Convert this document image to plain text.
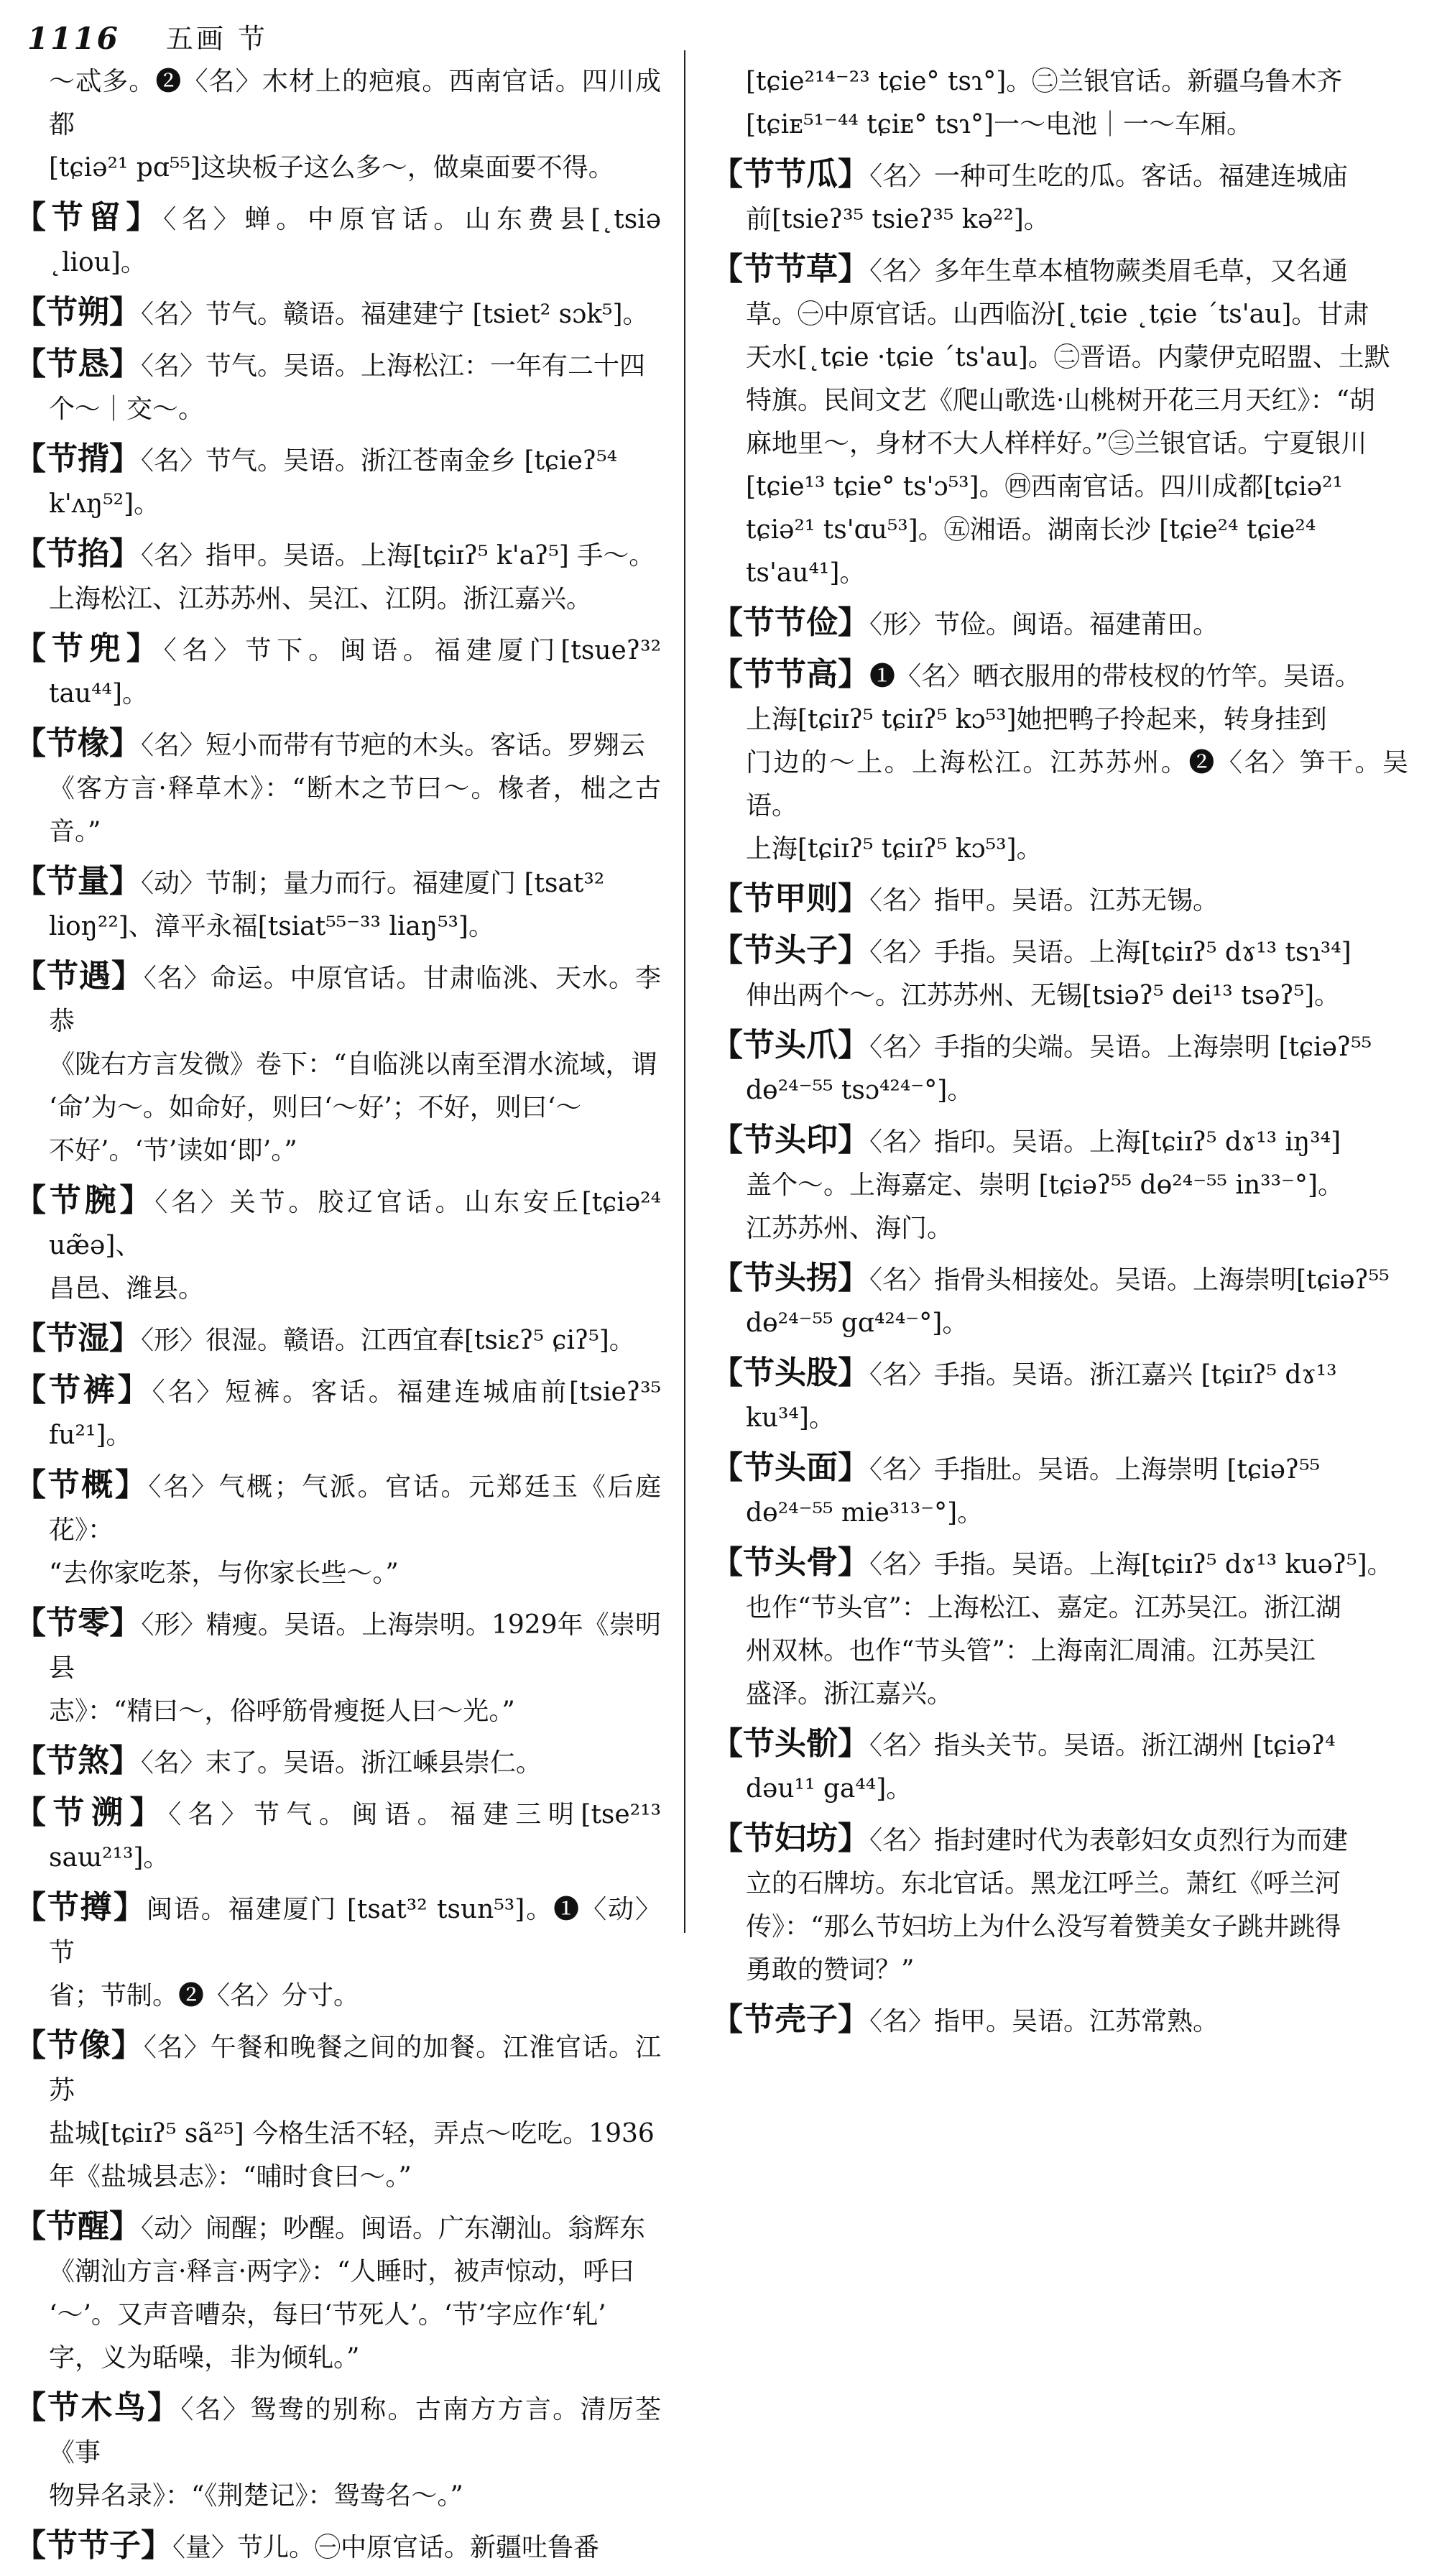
1116 五画 节
～忒多。❷〈名〉木材上的疤痕。西南官话。四川成都
[tɕiə²¹ pɑ⁵⁵]这块板子这么多～，做桌面要不得。
【节留】〈名〉蝉。中原官话。山东费县[˛tsiə ˛liou]。
【节朔】〈名〉节气。赣语。福建建宁 [tsiet² sɔk⁵]。
【节恳】〈名〉节气。吴语。上海松江：一年有二十四
个～｜交～。
【节揹】〈名〉节气。吴语。浙江苍南金乡 [tɕieʔ⁵⁴
k'ʌŋ⁵²]。
【节掐】〈名〉指甲。吴语。上海[tɕiɪʔ⁵ k'aʔ⁵] 手～。
上海松江、江苏苏州、吴江、江阴。浙江嘉兴。
【节兜】〈名〉节下。闽语。福建厦门[tsueʔ³² tau⁴⁴]。
【节椽】〈名〉短小而带有节疤的木头。客话。罗翙云
《客方言·释草木》：“断木之节曰～。椽者，柮之古音。”
【节量】〈动〉节制；量力而行。福建厦门 [tsat³²
lioŋ²²]、漳平永福[tsiat⁵⁵⁻³³ liaŋ⁵³]。
【节遇】〈名〉命运。中原官话。甘肃临洮、天水。李恭
《陇右方言发微》卷下：“自临洮以南至渭水流域，谓
‘命’为～。如命好，则曰‘～好’；不好，则曰‘～
不好’。‘节’读如‘即’。”
【节腕】〈名〉关节。胶辽官话。山东安丘[tɕiə²⁴ uæ̃ə]、
昌邑、潍县。
【节湿】〈形〉很湿。赣语。江西宜春[tsiɛʔ⁵ ɕiʔ⁵]。
【节裤】〈名〉短裤。客话。福建连城庙前[tsieʔ³⁵ fu²¹]。
【节概】〈名〉气概；气派。官话。元郑廷玉《后庭花》：
“去你家吃茶，与你家长些～。”
【节零】〈形〉精瘦。吴语。上海崇明。1929年《崇明县
志》：“精曰～，俗呼筋骨瘦挺人曰～光。”
【节煞】〈名〉末了。吴语。浙江嵊县崇仁。
【节溯】〈名〉节气。闽语。福建三明[tse²¹³ saɯ²¹³]。
【节撙】闽语。福建厦门 [tsat³² tsun⁵³]。❶〈动〉节
省；节制。❷〈名〉分寸。
【节像】〈名〉午餐和晚餐之间的加餐。江淮官话。江苏
盐城[tɕiɪʔ⁵ sã²⁵] 今格生活不轻，弄点～吃吃。1936
年《盐城县志》：“晡时食曰～。”
【节醒】〈动〉闹醒；吵醒。闽语。广东潮汕。翁辉东
《潮汕方言·释言·两字》：“人睡时，被声惊动，呼曰
‘～’。又声音嘈杂，每曰‘节死人’。‘节’字应作‘轧’
字，义为聒噪，非为倾轧。”
【节木鸟】〈名〉鸳鸯的别称。古南方方言。清厉荃《事
物异名录》：“《荆楚记》：鸳鸯名～。”
【节节子】〈量〉节儿。㊀中原官话。新疆吐鲁番
[tɕie²¹⁴⁻²³ tɕie° tsɿ°]。㊁兰银官话。新疆乌鲁木齐
[tɕiᴇ⁵¹⁻⁴⁴ tɕiᴇ° tsɿ°]一～电池｜一～车厢。
【节节瓜】〈名〉一种可生吃的瓜。客话。福建连城庙
前[tsieʔ³⁵ tsieʔ³⁵ kə²²]。
【节节草】〈名〉多年生草本植物蕨类眉毛草，又名通
草。㊀中原官话。山西临汾[˛tɕie ˛tɕie ˊts'au]。甘肃
天水[˛tɕie ·tɕie ˊts'au]。㊁晋语。内蒙伊克昭盟、土默
特旗。民间文艺《爬山歌选·山桃树开花三月天红》：“胡
麻地里～，身材不大人样样好。”㊂兰银官话。宁夏银川
[tɕie¹³ tɕie° ts'ɔ⁵³]。㊃西南官话。四川成都[tɕiə²¹
tɕiə²¹ ts'ɑu⁵³]。㊄湘语。湖南长沙 [tɕie²⁴ tɕie²⁴
ts'au⁴¹]。
【节节俭】〈形〉节俭。闽语。福建莆田。
【节节高】❶〈名〉晒衣服用的带枝杈的竹竿。吴语。
上海[tɕiɪʔ⁵ tɕiɪʔ⁵ kɔ⁵³]她把鸭子拎起来，转身挂到
门边的～上。上海松江。江苏苏州。❷〈名〉笋干。吴语。
上海[tɕiɪʔ⁵ tɕiɪʔ⁵ kɔ⁵³]。
【节甲则】〈名〉指甲。吴语。江苏无锡。
【节头子】〈名〉手指。吴语。上海[tɕiɪʔ⁵ dɤ¹³ tsɿ³⁴]
伸出两个～。江苏苏州、无锡[tsiəʔ⁵ dei¹³ tsəʔ⁵]。
【节头爪】〈名〉手指的尖端。吴语。上海崇明 [tɕiəʔ⁵⁵
dɵ²⁴⁻⁵⁵ tsɔ⁴²⁴⁻°]。
【节头印】〈名〉指印。吴语。上海[tɕiɪʔ⁵ dɤ¹³ iŋ³⁴]
盖个～。上海嘉定、崇明 [tɕiəʔ⁵⁵ dɵ²⁴⁻⁵⁵ in³³⁻°]。
江苏苏州、海门。
【节头拐】〈名〉指骨头相接处。吴语。上海崇明[tɕiəʔ⁵⁵
dɵ²⁴⁻⁵⁵ gɑ⁴²⁴⁻°]。
【节头股】〈名〉手指。吴语。浙江嘉兴 [tɕiɪʔ⁵ dɤ¹³
ku³⁴]。
【节头面】〈名〉手指肚。吴语。上海崇明 [tɕiəʔ⁵⁵
dɵ²⁴⁻⁵⁵ mie³¹³⁻°]。
【节头骨】〈名〉手指。吴语。上海[tɕiɪʔ⁵ dɤ¹³ kuəʔ⁵]。
也作“节头官”：上海松江、嘉定。江苏吴江。浙江湖
州双林。也作“节头管”：上海南汇周浦。江苏吴江
盛泽。浙江嘉兴。
【节头骱】〈名〉指头关节。吴语。浙江湖州 [tɕiəʔ⁴
dəu¹¹ ga⁴⁴]。
【节妇坊】〈名〉指封建时代为表彰妇女贞烈行为而建
立的石牌坊。东北官话。黑龙江呼兰。萧红《呼兰河
传》：“那么节妇坊上为什么没写着赞美女子跳井跳得
勇敢的赞词？”
【节壳子】〈名〉指甲。吴语。江苏常熟。
